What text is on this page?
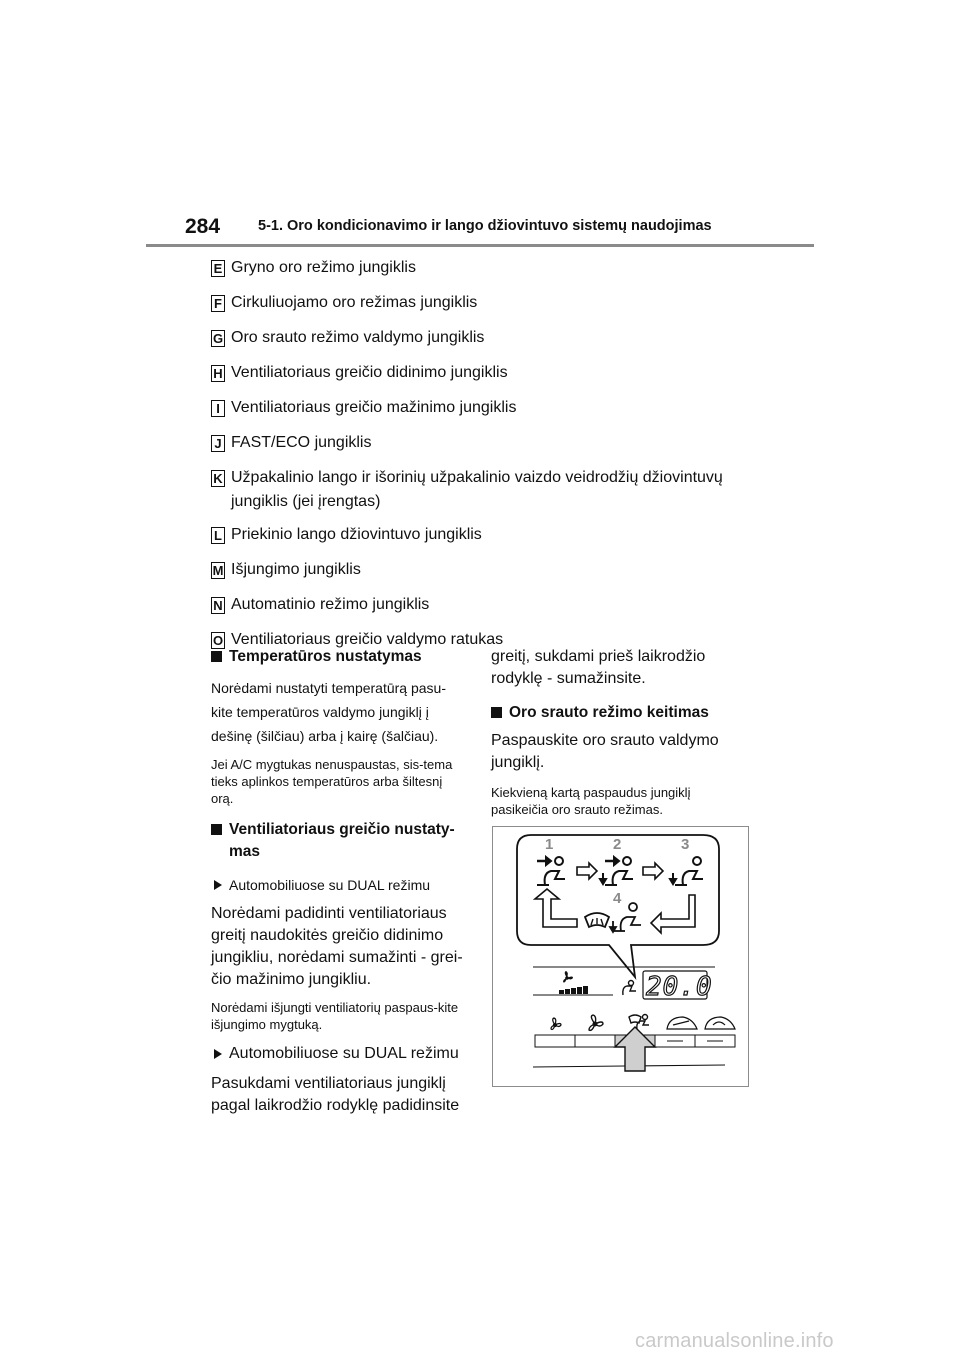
284	5-1. Oro kondicionavimo ir lango džiovintuvo sistemų naudojimas
E Gryno oro režimo jungiklis
F Cirkuliuojamo oro režimas jungiklis
G Oro srauto režimo valdymo jungiklis
H Ventiliatoriaus greičio didinimo jungiklis
I Ventiliatoriaus greičio mažinimo jungiklis
J FAST/ECO jungiklis
K Užpakalinio lango ir išorinių užpakalinio vaizdo veidrodžių džiovintuvų jungiklis (jei įrengtas)
L Priekinio lango džiovintuvo jungiklis
M Išjungimo jungiklis
N Automatinio režimo jungiklis
O Ventiliatoriaus greičio valdymo ratukas
Temperatūros nustatymas
Norėdami nustatyti temperatūrą pasu-kite temperatūros valdymo jungiklį į dešinę (šilčiau) arba į kairę (šalčiau).
Jei A/C mygtukas nenuspaustas, sis-tema tieks aplinkos temperatūros arba šiltesnį orą.
Ventiliatoriaus greičio nustaty-mas
Automobiliuose su DUAL režimu
Norėdami padidinti ventiliatoriaus greitį naudokitės greičio didinimo jungikliu, norėdami sumažinti - grei-čio mažinimo jungikliu.
Norėdami išjungti ventiliatorių paspaus-kite išjungimo mygtuką.
Automobiliuose su DUAL režimu
Pasukdami ventiliatoriaus jungiklį pagal laikrodžio rodyklę padidinsite
greitį, sukdami prieš laikrodžio rodyklę - sumažinsite.
Oro srauto režimo keitimas
Paspauskite oro srauto valdymo jungiklį.
Kiekvieną kartą paspaudus jungiklį pasikeičia oro srauto režimas.
1	2	3
4
20.0
carmanualsonline.info
